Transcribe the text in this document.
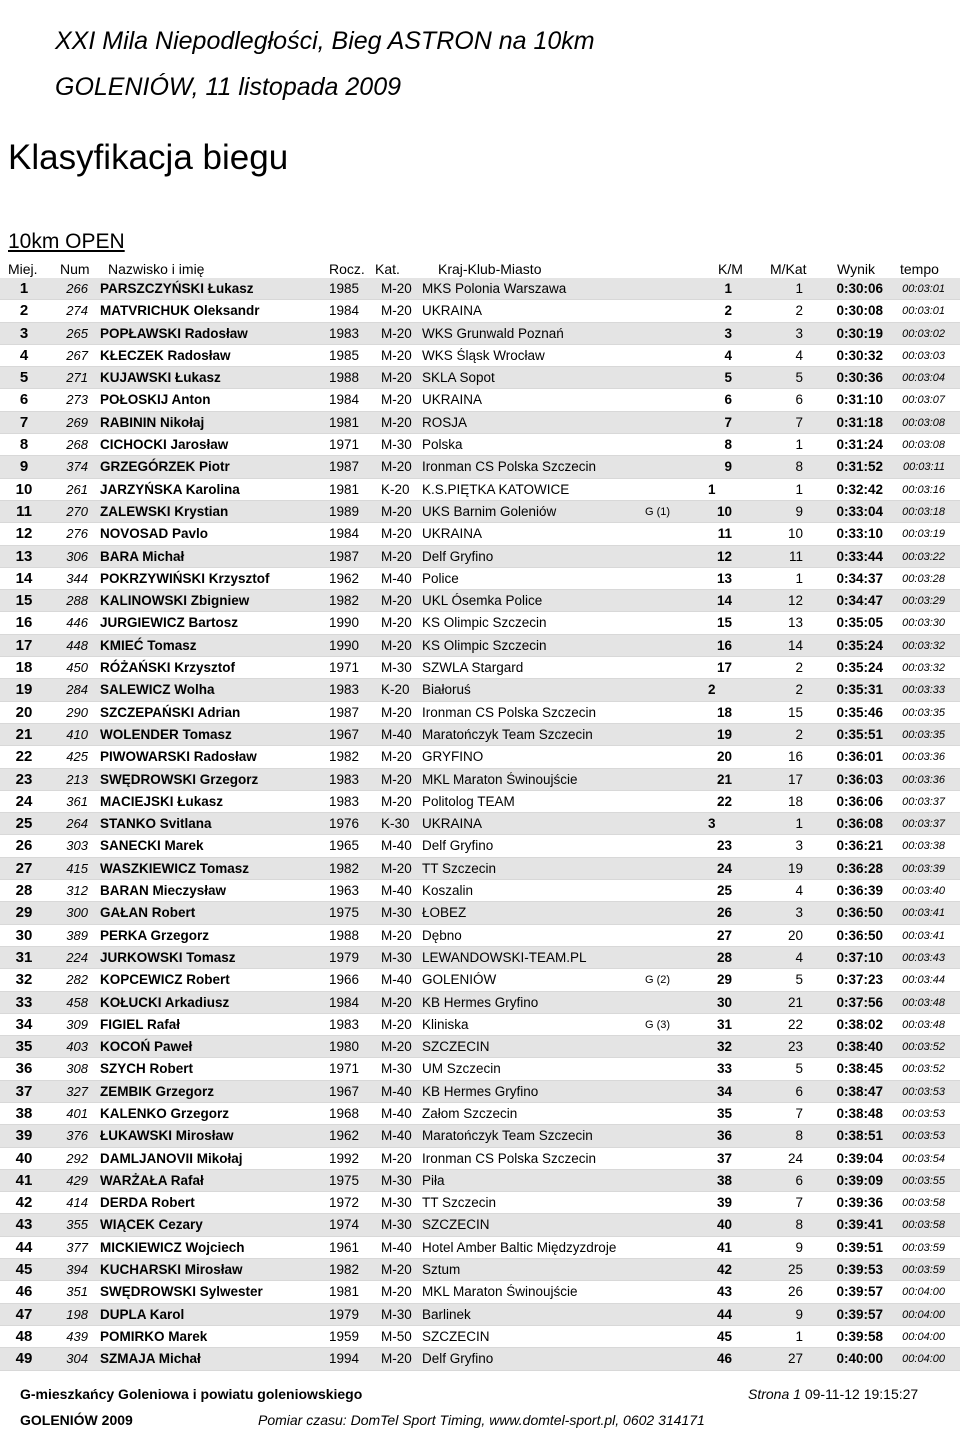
XXI Mila Niepodległości, Bieg ASTRON na 10km
GOLENIÓW, 11 listopada 2009
Klasyfikacja biegu
10km OPEN
Miej. Num Nazwisko i imię	Rocz. Kat.	Kraj-Klub-Miasto	K/M M/Kat Wynik tempo
1	266 PARSZCZYŃSKI Łukasz	1985 M-20 MKS Polonia Warszawa	1	1	0:30:06	00:03:01
2	274 MATVRICHUK Oleksandr	1984 M-20 UKRAINA	2	2	0:30:08	00:03:01
3	265 POPŁAWSKI Radosław	1983 M-20 WKS Grunwald Poznań	3	3	0:30:19	00:03:02
4	267 KŁECZEK Radosław	1985 M-20 WKS Śląsk Wrocław	4	4	0:30:32	00:03:03
5	271 KUJAWSKI Łukasz	1988 M-20 SKLA Sopot	5	5	0:30:36	00:03:04
6	273 POŁOSKIJ Anton	1984 M-20 UKRAINA	6	6	0:31:10	00:03:07
7	269 RABININ Nikołaj	1981 M-20 ROSJA	7	7	0:31:18	00:03:08
8	268 CICHOCKI Jarosław	1971 M-30 Polska	8	1	0:31:24	00:03:08
9	374 GRZEGÓRZEK Piotr	1987 M-20 Ironman CS Polska Szczecin	9	8	0:31:52	00:03:11
10	261 JARZYŃSKA Karolina	1981 K-20 K.S.PIĘTKA KATOWICE	1	1	0:32:42	00:03:16
11	270 ZALEWSKI Krystian	1989 M-20 UKS Barnim Goleniów	G (1)	10	9	0:33:04	00:03:18
12	276 NOVOSAD Pavlo	1984 M-20 UKRAINA	11	10	0:33:10	00:03:19
13	306 BARA Michał	1987 M-20 Delf Gryfino	12	11	0:33:44	00:03:22
14	344 POKRZYWIŃSKI Krzysztof	1962 M-40 Police	13	1	0:34:37	00:03:28
15	288 KALINOWSKI Zbigniew	1982 M-20 UKL Ósemka Police	14	12	0:34:47	00:03:29
16	446 JURGIEWICZ Bartosz	1990 M-20 KS Olimpic Szczecin	15	13	0:35:05	00:03:30
17	448 KMIEĆ Tomasz	1990 M-20 KS Olimpic Szczecin	16	14	0:35:24	00:03:32
18	450 RÓŻAŃSKI Krzysztof	1971 M-30 SZWLA Stargard	17	2	0:35:24	00:03:32
19	284 SALEWICZ Wolha	1983 K-20 Białoruś	2	2	0:35:31	00:03:33
20	290 SZCZEPAŃSKI Adrian	1987 M-20 Ironman CS Polska Szczecin	18	15	0:35:46	00:03:35
21	410 WOLENDER Tomasz	1967 M-40 Maratończyk Team Szczecin	19	2	0:35:51	00:03:35
22	425 PIWOWARSKI Radosław	1982 M-20 GRYFINO	20	16	0:36:01	00:03:36
23	213 SWĘDROWSKI Grzegorz	1983 M-20 MKL Maraton Świnoujście	21	17	0:36:03	00:03:36
24	361 MACIEJSKI Łukasz	1983 M-20 Politolog TEAM	22	18	0:36:06	00:03:37
25	264 STANKO Svitlana	1976 K-30 UKRAINA	3	1	0:36:08	00:03:37
26	303 SANECKI Marek	1965 M-40 Delf Gryfino	23	3	0:36:21	00:03:38
27	415 WASZKIEWICZ Tomasz	1982 M-20 TT Szczecin	24	19	0:36:28	00:03:39
28	312 BARAN Mieczysław	1963 M-40 Koszalin	25	4	0:36:39	00:03:40
29	300 GAŁAN Robert	1975 M-30 ŁOBEZ	26	3	0:36:50	00:03:41
30	389 PERKA Grzegorz	1988 M-20 Dębno	27	20	0:36:50	00:03:41
31	224 JURKOWSKI Tomasz	1979 M-30 LEWANDOWSKI-TEAM.PL	28	4	0:37:10	00:03:43
32	282 KOPCEWICZ Robert	1966 M-40 GOLENIÓW	G (2)	29	5	0:37:23	00:03:44
33	458 KOŁUCKI Arkadiusz	1984 M-20 KB Hermes Gryfino	30	21	0:37:56	00:03:48
34	309 FIGIEL Rafał	1983 M-20 Kliniska	G (3)	31	22	0:38:02	00:03:48
35	403 KOCOŃ Paweł	1980 M-20 SZCZECIN	32	23	0:38:40	00:03:52
36	308 SZYCH Robert	1971 M-30 UM Szczecin	33	5	0:38:45	00:03:52
37	327 ZEMBIK Grzegorz	1967 M-40 KB Hermes Gryfino	34	6	0:38:47	00:03:53
38	401 KALENKO Grzegorz	1968 M-40 Załom Szczecin	35	7	0:38:48	00:03:53
39	376 ŁUKAWSKI Mirosław	1962 M-40 Maratończyk Team Szczecin	36	8	0:38:51	00:03:53
40	292 DAMLJANOVII Mikołaj	1992 M-20 Ironman CS Polska Szczecin	37	24	0:39:04	00:03:54
41	429 WARŻAŁA Rafał	1975 M-30 Piła	38	6	0:39:09	00:03:55
42	414 DERDA Robert	1972 M-30 TT Szczecin	39	7	0:39:36	00:03:58
43	355 WIĄCEK Cezary	1974 M-30 SZCZECIN	40	8	0:39:41	00:03:58
44	377 MICKIEWICZ Wojciech	1961 M-40 Hotel Amber Baltic Międzyzdroje	41	9	0:39:51	00:03:59
45	394 KUCHARSKI Mirosław	1982 M-20 Sztum	42	25	0:39:53	00:03:59
46	351 SWĘDROWSKI Sylwester	1981 M-20 MKL Maraton Świnoujście	43	26	0:39:57	00:04:00
47	198 DUPLA Karol	1979 M-30 Barlinek	44	9	0:39:57	00:04:00
48	439 POMIRKO Marek	1959 M-50 SZCZECIN	45	1	0:39:58	00:04:00
49	304 SZMAJA Michał	1994 M-20 Delf Gryfino	46	27	0:40:00	00:04:00
G-mieszkańcy Goleniowa i powiatu goleniowskiego	Strona 1 09-11-12 19:15:27
GOLENIÓW 2009	Pomiar czasu: DomTel Sport Timing, www.domtel-sport.pl, 0602 314171
